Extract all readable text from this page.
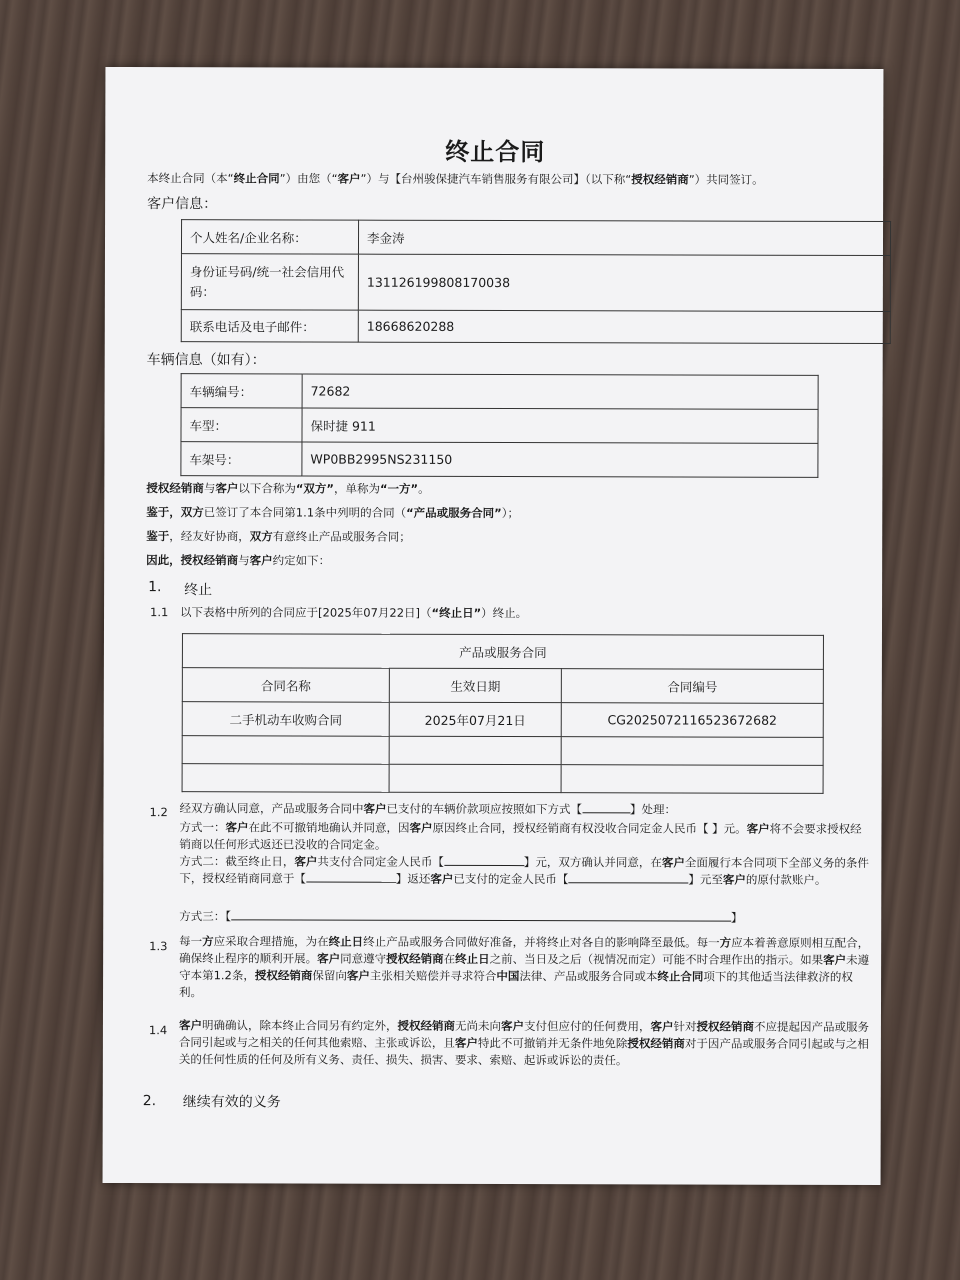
终止合同
本终止合同（本“终止合同”）由您（“客户”）与【台州骏保捷汽车销售服务有限公司】（以下称“授权经销商”）共同签订。
客户信息：
个人姓名/企业名称：	李金涛
身份证号码/统一社会信用代码：	131126199808170038
联系电话及电子邮件：	18668620288
车辆信息（如有）：
车辆编号：	72682
车型：	保时捷 911
车架号：	WP0BB2995NS231150
授权经销商与客户以下合称为“双方”，单称为“一方”。
鉴于，双方已签订了本合同第1.1条中列明的合同（“产品或服务合同”）；
鉴于，经友好协商，双方有意终止产品或服务合同；
因此，授权经销商与客户约定如下：
1. 终止
1.1 以下表格中所列的合同应于[2025年07月22日]（“终止日”）终止。
产品或服务合同		
合同名称	生效日期	合同编号
二手机动车收购合同	2025年07月21日	CG2025072116523672682

1.2 经双方确认同意，产品或服务合同中客户已支付的车辆价款项应按照如下方式【	】处理：
方式一：客户在此不可撤销地确认并同意，因客户原因终止合同，授权经销商有权没收合同定金人民币【 】元。客户将不会要求授权经销商以任何形式返还已没收的合同定金。
方式二：截至终止日，客户共支付合同定金人民币【	】元，双方确认并同意，在客户全面履行本合同项下全部义务的条件下，授权经销商同意于【	】返还客户已支付的定金人民币【	】元至客户的原付款账户。
方式三：【	】
1.3 每一方应采取合理措施，为在终止日终止产品或服务合同做好准备，并将终止对各自的影响降至最低。每一方应本着善意原则相互配合，确保终止程序的顺利开展。客户同意遵守授权经销商在终止日之前、当日及之后（视情况而定）可能不时合理作出的指示。如果客户未遵守本第1.2条，授权经销商保留向客户主张相关赔偿并寻求符合中国法律、产品或服务合同或本终止合同项下的其他适当法律救济的权利。
1.4 客户明确确认，除本终止合同另有约定外，授权经销商无尚未向客户支付但应付的任何费用，客户针对授权经销商不应提起因产品或服务合同引起或与之相关的任何其他索赔、主张或诉讼，且客户特此不可撤销并无条件地免除授权经销商对于因产品或服务合同引起或与之相关的任何性质的任何及所有义务、责任、损失、损害、要求、索赔、起诉或诉讼的责任。
2. 继续有效的义务
